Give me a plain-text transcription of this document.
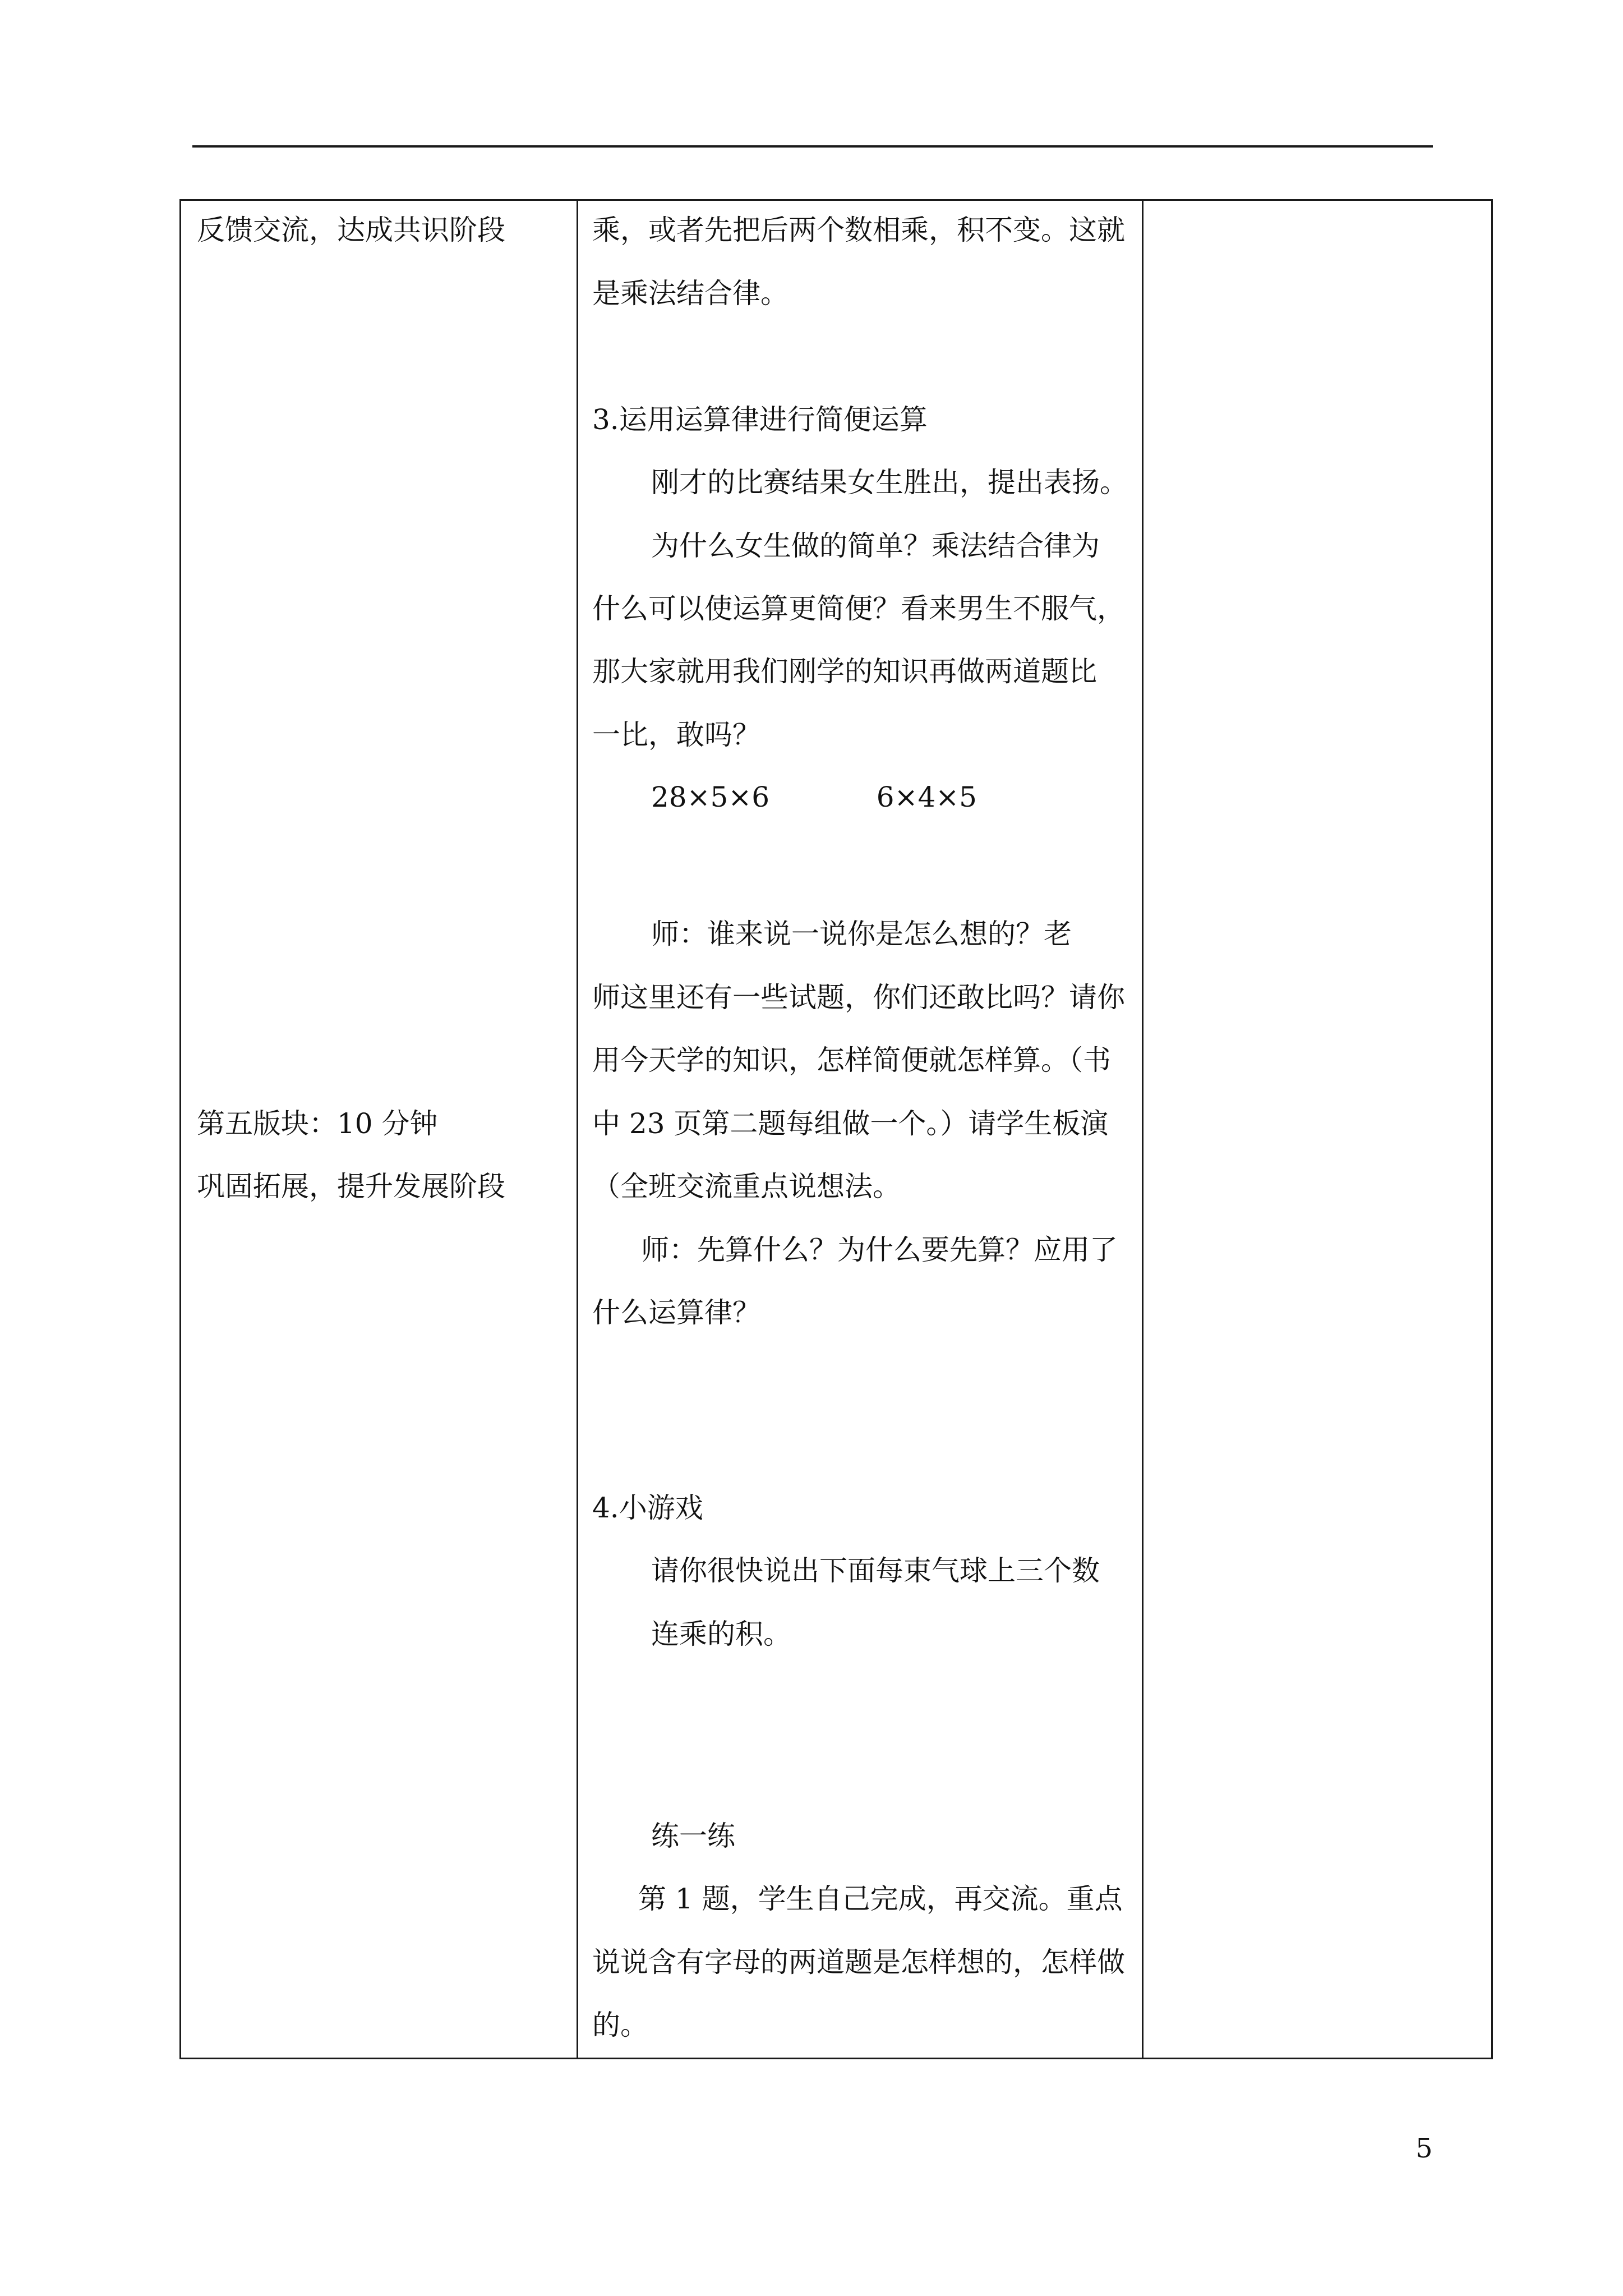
反馈交流，达成共识阶段
第五版块：10 分钟
巩固拓展，提升发展阶段
乘，或者先把后两个数相乘，积不变。这就
是乘法结合律。
3.运用运算律进行简便运算
刚才的比赛结果女生胜出，提出表扬。
为什么女生做的简单？乘法结合律为
什么可以使运算更简便？看来男生不服气，
那大家就用我们刚学的知识再做两道题比
一比，敢吗？
28×5×6            6×4×5
师：谁来说一说你是怎么想的？老
师这里还有一些试题，你们还敢比吗？请你
用今天学的知识，怎样简便就怎样算。（书
中 23 页第二题每组做一个。）请学生板演
（全班交流重点说想法。
师：先算什么？为什么要先算？应用了
什么运算律？
4.小游戏
请你很快说出下面每束气球上三个数
连乘的积。
练一练
第 1 题，学生自己完成，再交流。重点
说说含有字母的两道题是怎样想的，怎样做
的。
5
